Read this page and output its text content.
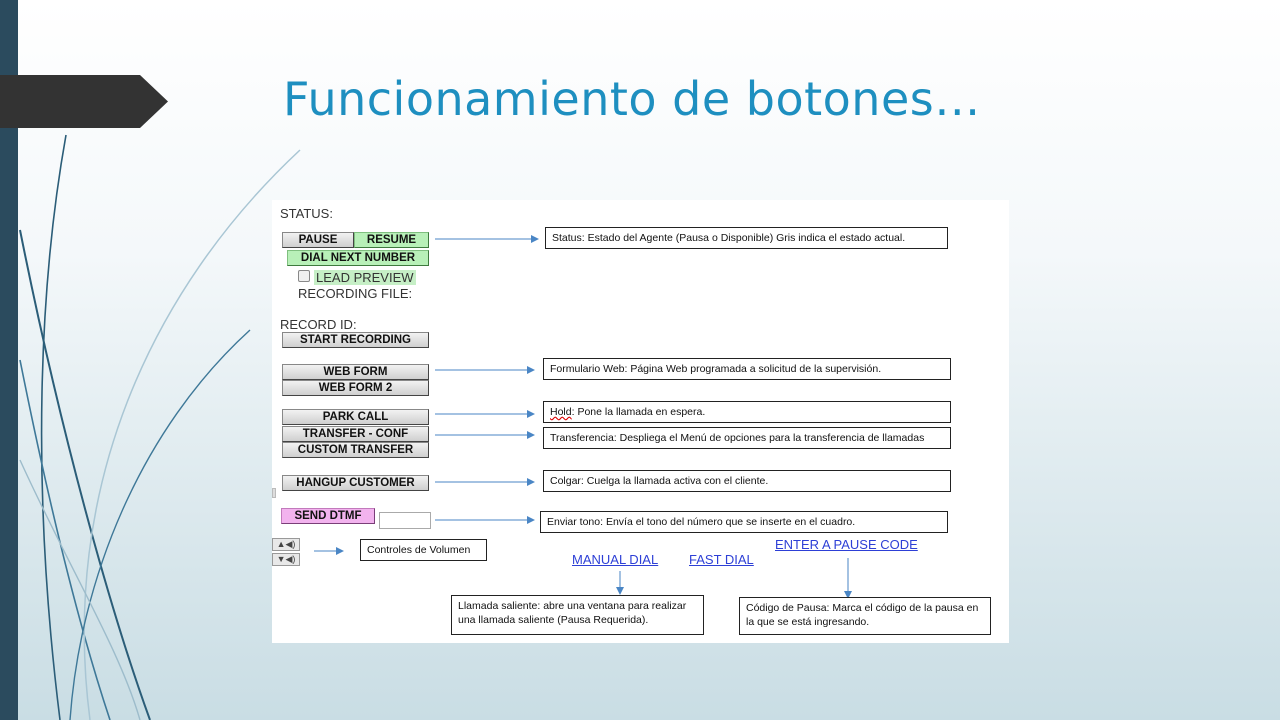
Funcionamiento de botones…
STATUS:
PAUSE	RESUME
DIAL NEXT NUMBER
LEAD PREVIEW
RECORDING FILE:
RECORD ID:
START RECORDING
WEB FORM
WEB FORM 2
PARK CALL
TRANSFER - CONF
CUSTOM TRANSFER
HANGUP CUSTOMER
SEND DTMF
▲◀)
▼◀)
Status: Estado del Agente (Pausa o Disponible) Gris indica el estado actual.
Formulario Web: Página Web programada a solicitud de la supervisión.
Hold: Pone la llamada en espera.
Transferencia: Despliega el Menú de opciones para la transferencia de llamadas
Colgar: Cuelga la llamada activa con el cliente.
Enviar tono: Envía el tono del número que se inserte en el cuadro.
Controles de Volumen
MANUAL DIAL FAST DIAL
ENTER A PAUSE CODE
Llamada saliente: abre una ventana para realizar
una llamada saliente (Pausa Requerida).
Código de Pausa: Marca el código de la pausa en
la que se está ingresando.
